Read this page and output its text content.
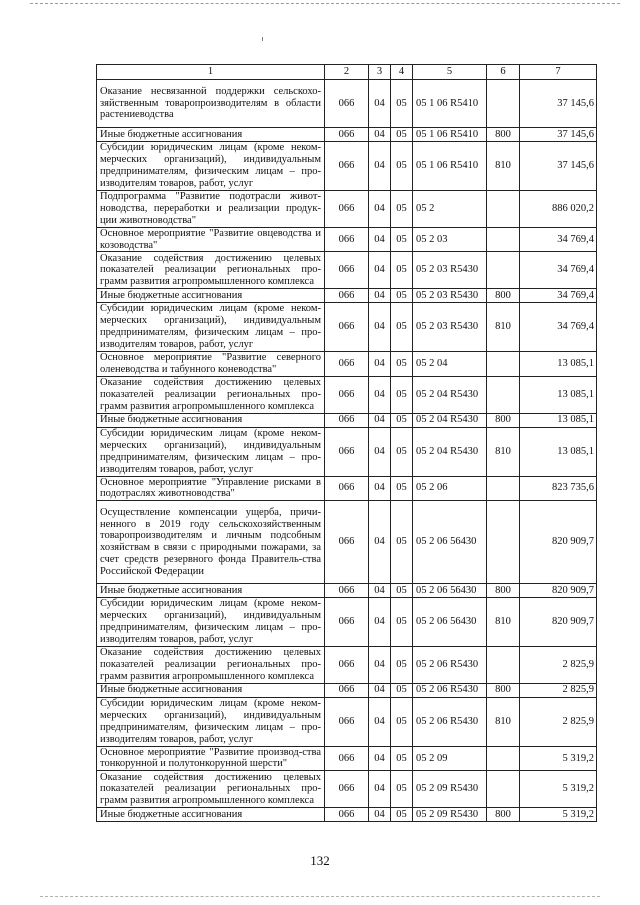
1	2	3	4	5	6	7
Оказание несвязанной поддержки сельскохо-зяйственным товаропроизводителям в области растениеводства	066	04	05	05 1 06 R5410		37 145,6
Иные бюджетные ассигнования	066	04	05	05 1 06 R5410	800	37 145,6
Субсидии юридическим лицам (кроме неком-мерческих организаций), индивидуальным предпринимателям, физическим лицам – про-изводителям товаров, работ, услуг	066	04	05	05 1 06 R5410	810	37 145,6
Подпрограмма "Развитие подотрасли живот-новодства, переработки и реализации продук-ции животноводства"	066	04	05	05 2		886 020,2
Основное мероприятие "Развитие овцеводства и козоводства"	066	04	05	05 2 03		34 769,4
Оказание содействия достижению целевых показателей реализации региональных про-грамм развития агропромышленного комплекса	066	04	05	05 2 03 R5430		34 769,4
Иные бюджетные ассигнования	066	04	05	05 2 03 R5430	800	34 769,4
Субсидии юридическим лицам (кроме неком-мерческих организаций), индивидуальным предпринимателям, физическим лицам – про-изводителям товаров, работ, услуг	066	04	05	05 2 03 R5430	810	34 769,4
Основное мероприятие "Развитие северного оленеводства и табунного коневодства"	066	04	05	05 2 04		13 085,1
Оказание содействия достижению целевых показателей реализации региональных про-грамм развития агропромышленного комплекса	066	04	05	05 2 04 R5430		13 085,1
Иные бюджетные ассигнования	066	04	05	05 2 04 R5430	800	13 085,1
Субсидии юридическим лицам (кроме неком-мерческих организаций), индивидуальным предпринимателям, физическим лицам – про-изводителям товаров, работ, услуг	066	04	05	05 2 04 R5430	810	13 085,1
Основное мероприятие "Управление рисками в подотраслях животноводства"	066	04	05	05 2 06		823 735,6
Осуществление компенсации ущерба, причи-ненного в 2019 году сельскохозяйственным товаропроизводителям и личным подсобным хозяйствам в связи с природными пожарами, за счет средств резервного фонда Правитель-ства Российской Федерации	066	04	05	05 2 06 56430		820 909,7
Иные бюджетные ассигнования	066	04	05	05 2 06 56430	800	820 909,7
Субсидии юридическим лицам (кроме неком-мерческих организаций), индивидуальным предпринимателям, физическим лицам – про-изводителям товаров, работ, услуг	066	04	05	05 2 06 56430	810	820 909,7
Оказание содействия достижению целевых показателей реализации региональных про-грамм развития агропромышленного комплекса	066	04	05	05 2 06 R5430		2 825,9
Иные бюджетные ассигнования	066	04	05	05 2 06 R5430	800	2 825,9
Субсидии юридическим лицам (кроме неком-мерческих организаций), индивидуальным предпринимателям, физическим лицам – про-изводителям товаров, работ, услуг	066	04	05	05 2 06 R5430	810	2 825,9
Основное мероприятие "Развитие производ-ства тонкорунной и полутонкорунной шерсти"	066	04	05	05 2 09		5 319,2
Оказание содействия достижению целевых показателей реализации региональных про-грамм развития агропромышленного комплекса	066	04	05	05 2 09 R5430		5 319,2
Иные бюджетные ассигнования	066	04	05	05 2 09 R5430	800	5 319,2
132
